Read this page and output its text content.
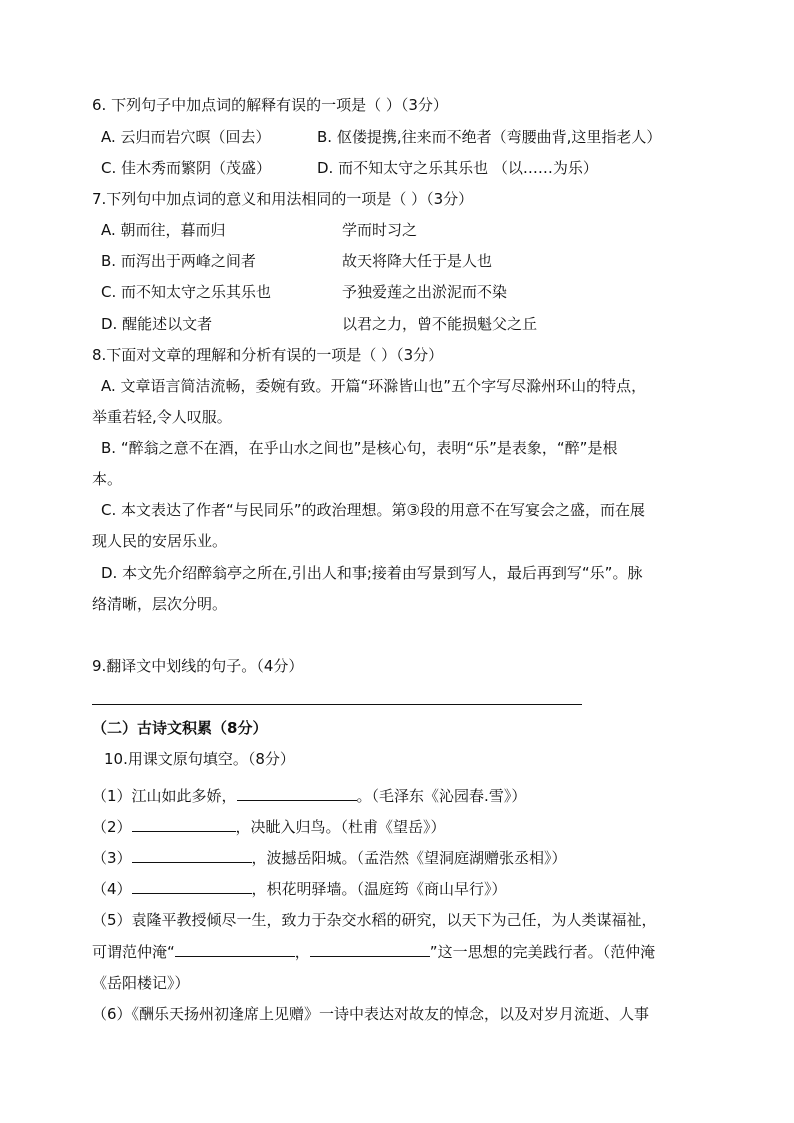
6. 下列句子中加点词的解释有误的一项是（ ）（3分）
A. 云归而岩穴暝（回去）	B. 伛偻提携,往来而不绝者（弯腰曲背,这里指老人）
C. 佳木秀而繁阴（茂盛）	D. 而不知太守之乐其乐也 （以……为乐）
7.下列句中加点词的意义和用法相同的一项是（ ）（3分）
A. 朝而往，暮而归	学而时习之
B. 而泻出于两峰之间者	故天将降大任于是人也
C. 而不知太守之乐其乐也	予独爱莲之出淤泥而不染
D. 醒能述以文者	以君之力，曾不能损魁父之丘
8.下面对文章的理解和分析有误的一项是（ ）（3分）
A. 文章语言简洁流畅，委婉有致。开篇“环滁皆山也”五个字写尽滁州环山的特点，
举重若轻,令人叹服。
B. “醉翁之意不在酒，在乎山水之间也”是核心句，表明“乐”是表象，“醉”是根
本。
C. 本文表达了作者“与民同乐”的政治理想。第③段的用意不在写宴会之盛，而在展
现人民的安居乐业。
D. 本文先介绍醉翁亭之所在,引出人和事;接着由写景到写人，最后再到写“乐”。脉
络清晰，层次分明。
9.翻译文中划线的句子。（4分）
（二）古诗文积累（8分）
10.用课文原句填空。（8分）
（1）江山如此多娇，	。（毛泽东《沁园春.雪》）
（2）	，决眦入归鸟。（杜甫《望岳》）
（3）	，波撼岳阳城。（孟浩然《望洞庭湖赠张丞相》）
（4）	，枳花明驿墙。（温庭筠《商山早行》）
（5）袁隆平教授倾尽一生，致力于杂交水稻的研究，以天下为己任，为人类谋福祉，
可谓范仲淹“	，	”这一思想的完美践行者。（范仲淹
《岳阳楼记》）
（6）《酬乐天扬州初逢席上见赠》一诗中表达对故友的悼念，以及对岁月流逝、人事
